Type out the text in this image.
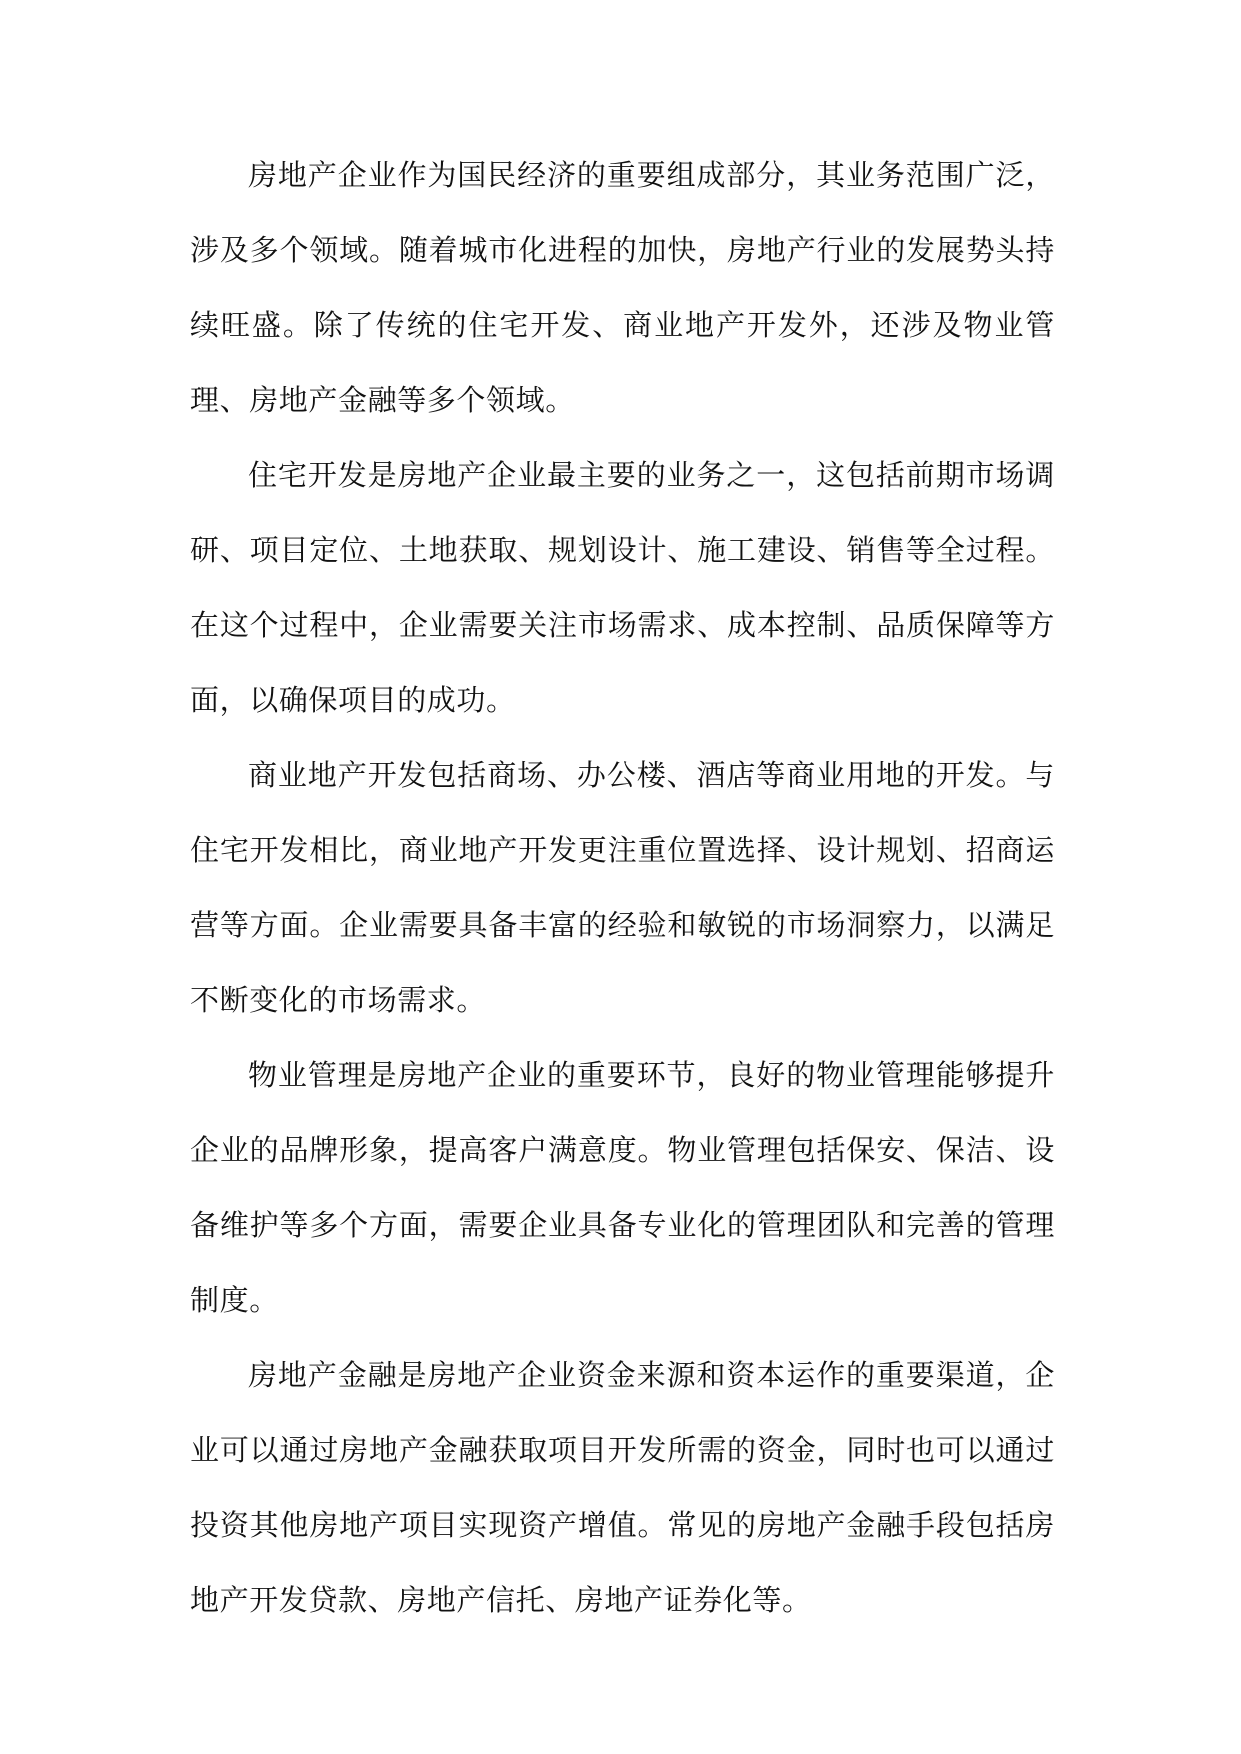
房地产企业作为国民经济的重要组成部分，其业务范围广泛，涉及多个领域。随着城市化进程的加快，房地产行业的发展势头持续旺盛。除了传统的住宅开发、商业地产开发外，还涉及物业管理、房地产金融等多个领域。

住宅开发是房地产企业最主要的业务之一，这包括前期市场调研、项目定位、土地获取、规划设计、施工建设、销售等全过程。在这个过程中，企业需要关注市场需求、成本控制、品质保障等方面，以确保项目的成功。

商业地产开发包括商场、办公楼、酒店等商业用地的开发。与住宅开发相比，商业地产开发更注重位置选择、设计规划、招商运营等方面。企业需要具备丰富的经验和敏锐的市场洞察力，以满足不断变化的市场需求。

物业管理是房地产企业的重要环节，良好的物业管理能够提升企业的品牌形象，提高客户满意度。物业管理包括保安、保洁、设备维护等多个方面，需要企业具备专业化的管理团队和完善的管理制度。

房地产金融是房地产企业资金来源和资本运作的重要渠道，企业可以通过房地产金融获取项目开发所需的资金，同时也可以通过投资其他房地产项目实现资产增值。常见的房地产金融手段包括房地产开发贷款、房地产信托、房地产证券化等。
